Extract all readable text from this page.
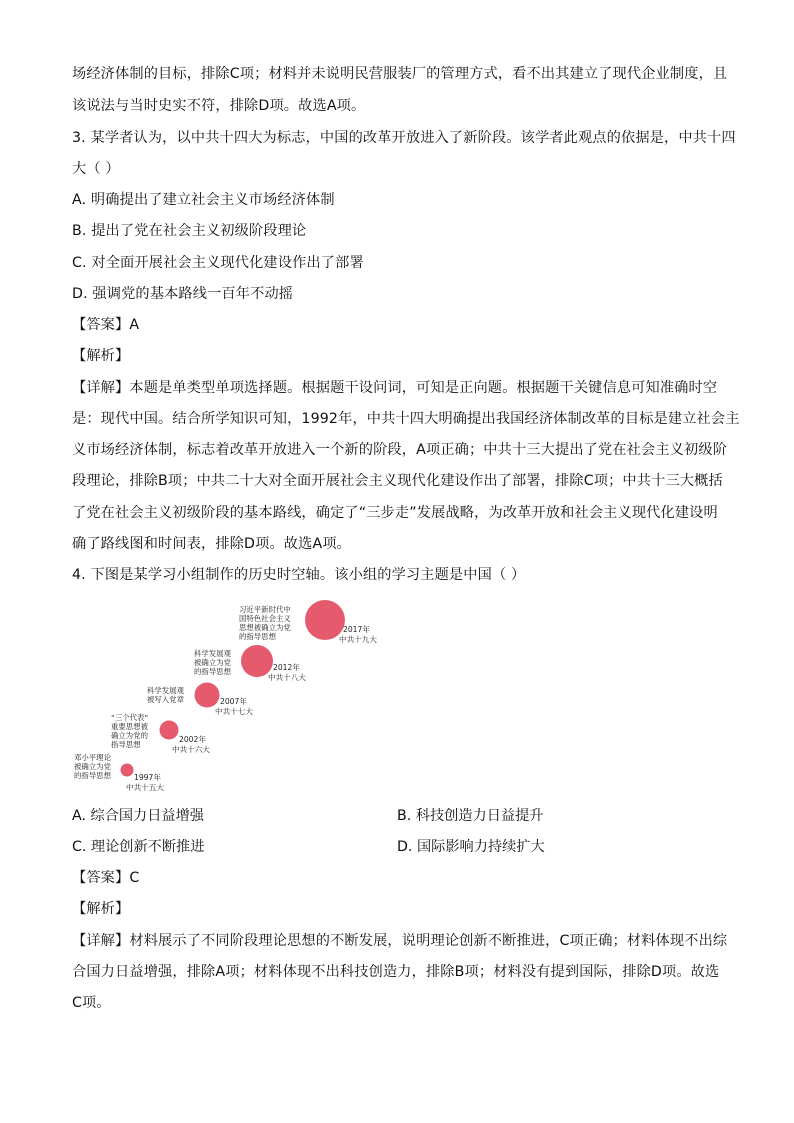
场经济体制的目标，排除C项；材料并未说明民营服装厂的管理方式，看不出其建立了现代企业制度，且
该说法与当时史实不符，排除D项。故选A项。
3. 某学者认为，以中共十四大为标志，中国的改革开放进入了新阶段。该学者此观点的依据是，中共十四
大（ ）
A. 明确提出了建立社会主义市场经济体制
B. 提出了党在社会主义初级阶段理论
C. 对全面开展社会主义现代化建设作出了部署
D. 强调党的基本路线一百年不动摇
【答案】A
【解析】
【详解】本题是单类型单项选择题。根据题干设问词，可知是正向题。根据题干关键信息可知准确时空
是：现代中国。结合所学知识可知，1992年，中共十四大明确提出我国经济体制改革的目标是建立社会主
义市场经济体制，标志着改革开放进入一个新的阶段，A项正确；中共十三大提出了党在社会主义初级阶
段理论，排除B项；中共二十大对全面开展社会主义现代化建设作出了部署，排除C项；中共十三大概括
了党在社会主义初级阶段的基本路线，确定了“三步走”发展战略，为改革开放和社会主义现代化建设明
确了路线图和时间表，排除D项。故选A项。
4. 下图是某学习小组制作的历史时空轴。该小组的学习主题是中国（ ）
习近平新时代中
国特色社会主义
思想被确立为党
的指导思想
2017年
中共十九大
科学发展观
被确立为党
的指导思想	2012年
中共十八大
科学发展观
被写入党章	2007年
中共十七大
“三个代表”
重要思想被
确立为党的
指导思想
2002年
中共十六大
邓小平理论
被确立为党
的指导思想	1997年
中共十五大
A. 综合国力日益增强	B. 科技创造力日益提升
C. 理论创新不断推进	D. 国际影响力持续扩大
【答案】C
【解析】
【详解】材料展示了不同阶段理论思想的不断发展，说明理论创新不断推进，C项正确；材料体现不出综
合国力日益增强，排除A项；材料体现不出科技创造力，排除B项；材料没有提到国际，排除D项。故选
C项。
